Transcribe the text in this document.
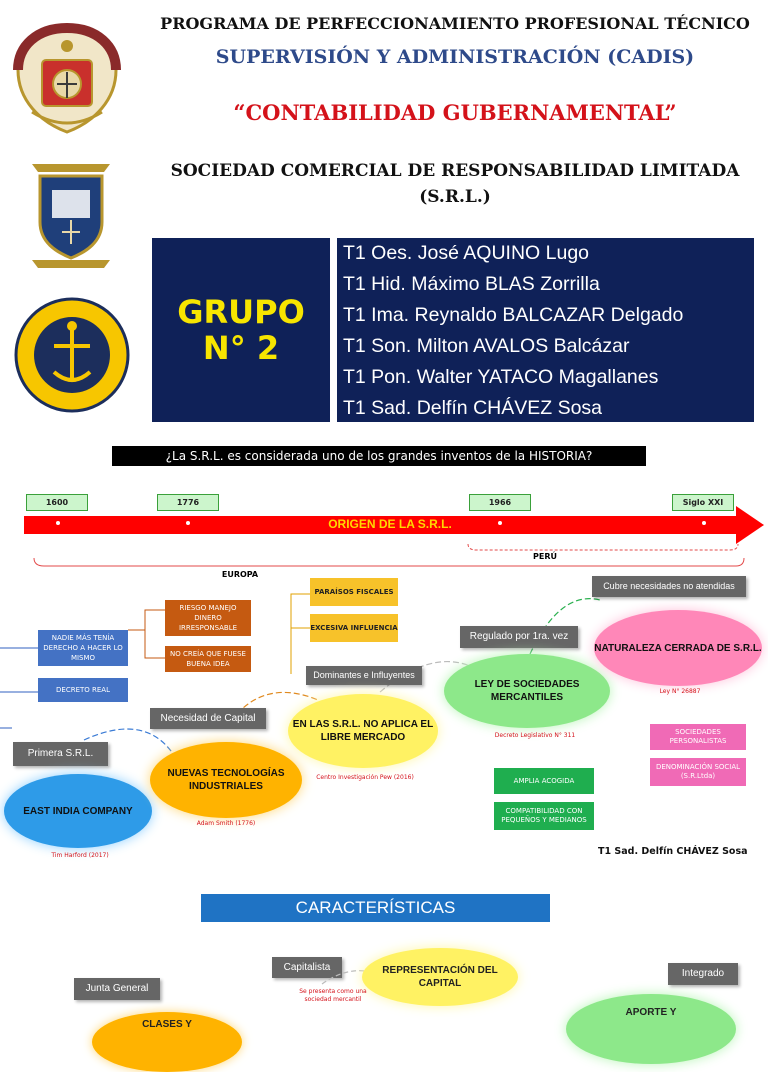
PROGRAMA DE PERFECCIONAMIENTO PROFESIONAL TÉCNICO
SUPERVISIÓN Y ADMINISTRACIÓN (CADIS)
“CONTABILIDAD GUBERNAMENTAL”
SOCIEDAD COMERCIAL DE RESPONSABILIDAD LIMITADA
(S.R.L.)
GRUPO
N° 2
T1 Oes. José AQUINO Lugo
T1 Hid. Máximo BLAS Zorrilla
T1 Ima. Reynaldo BALCAZAR Delgado
T1 Son. Milton AVALOS Balcázar
T1 Pon. Walter YATACO Magallanes
T1 Sad. Delfín CHÁVEZ Sosa
¿La S.R.L. es considerada uno de los grandes inventos de la HISTORIA?
ORIGEN DE LA S.R.L.
1600	1776	1966	Siglo XXI
PERÚ
EUROPA
RIESGO MANEJO DINERO IRRESPONSABLE
NO CREÍA QUE FUESE BUENA IDEA
NADIE MÁS TENÍA DERECHO A HACER LO MISMO
DECRETO REAL
PARAÍSOS FISCALES
EXCESIVA INFLUENCIA
Dominantes e Influyentes
Necesidad de Capital
Primera S.R.L.
Regulado por 1ra. vez
Cubre necesidades no atendidas
EAST INDIA COMPANY
NUEVAS TECNOLOGÍAS INDUSTRIALES
EN LAS S.R.L. NO APLICA EL LIBRE MERCADO
LEY DE SOCIEDADES MERCANTILES
NATURALEZA CERRADA DE S.R.L.
Tim Harford (2017)
Adam Smith (1776)
Centro Investigación Pew (2016)
Decreto Legislativo N° 311
Ley N° 26887
AMPLIA ACOGIDA
COMPATIBILIDAD CON PEQUEÑOS Y MEDIANOS
SOCIEDADES PERSONALISTAS
DENOMINACIÓN SOCIAL (S.R.Ltda)
T1 Sad. Delfín CHÁVEZ Sosa
CARACTERÍSTICAS
Capitalista
Junta General
Integrado
REPRESENTACIÓN DEL CAPITAL
Se presenta como una sociedad mercantil
CLASES Y
APORTE Y
